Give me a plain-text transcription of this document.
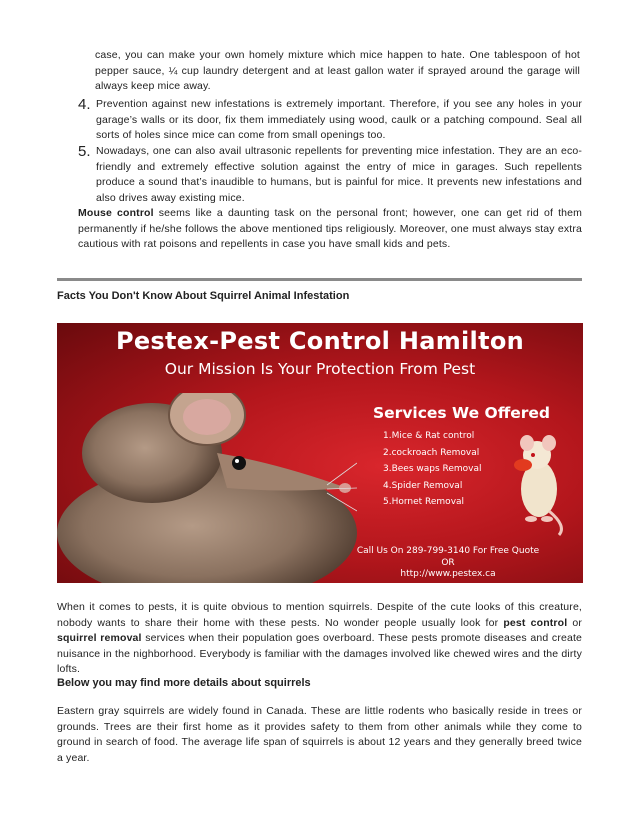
case, you can make your own homely mixture which mice happen to hate. One tablespoon of hot pepper sauce, ¼ cup laundry detergent and at least gallon water if sprayed around the garage will always keep mice away.

4. Prevention against new infestations is extremely important. Therefore, if you see any holes in your garage’s walls or its door, fix them immediately using wood, caulk or a patching compound. Seal all sorts of holes since mice can come from small openings too.

5. Nowadays, one can also avail ultrasonic repellents for preventing mice infestation. They are an eco-friendly and extremely effective solution against the entry of mice in garages. Such repellents produce a sound that’s inaudible to humans, but is painful for mice. It prevents new infestations and also drives away existing mice.

Mouse control seems like a daunting task on the personal front; however, one can get rid of them permanently if he/she follows the above mentioned tips religiously. Moreover, one must always stay extra cautious with rat poisons and repellents in case you have small kids and pets.

Facts You Don't Know About Squirrel Animal Infestation
Pestex-Pest Control Hamilton
Our Mission Is Your Protection From Pest
Services We Offered
1.Mice & Rat control
2.cockroach Removal
3.Bees waps Removal
4.Spider Removal
5.Hornet Removal
Call Us On 289-799-3140 For Free Quote
OR
http://www.pestex.ca

When it comes to pests, it is quite obvious to mention squirrels. Despite of the cute looks of this creature, nobody wants to share their home with these pests. No wonder people usually look for pest control or squirrel removal services when their population goes overboard. These pests promote diseases and create nuisance in the nighborhood. Everybody is familiar with the damages involved like chewed wires and the dirty lofts.

Below you may find more details about squirrels

Eastern gray squirrels are widely found in Canada. These are little rodents who basically reside in trees or grounds. Trees are their first home as it provides safety to them from other animals while they come to ground in search of food. The average life span of squirrels is about 12 years and they generally breed twice a year.
